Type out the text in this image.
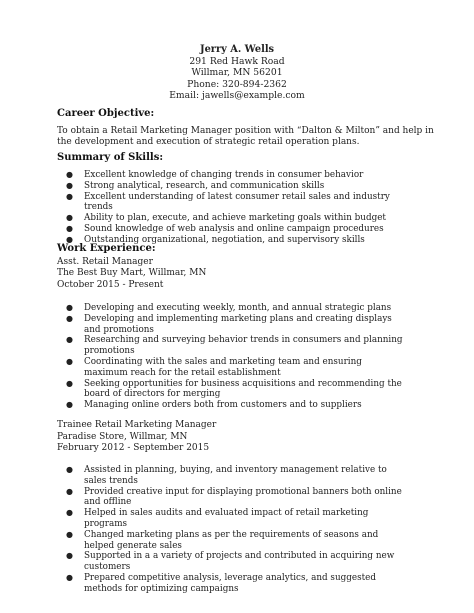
Jerry A. Wells
291 Red Hawk Road
Willmar, MN 56201
Phone: 320-894-2362
Email: jawells@example.com
Career Objective:
To obtain a Retail Marketing Manager position with “Dalton & Milton” and help in the development and execution of strategic retail operation plans.
Summary of Skills:
● Excellent knowledge of changing trends in consumer behavior
● Strong analytical, research, and communication skills
● Excellent understanding of latest consumer retail sales and industry trends
● Ability to plan, execute, and achieve marketing goals within budget
● Sound knowledge of web analysis and online campaign procedures
● Outstanding organizational, negotiation, and supervisory skills
Work Experience:
Asst. Retail Manager
The Best Buy Mart, Willmar, MN
October 2015 - Present
● Developing and executing weekly, month, and annual strategic plans
● Developing and implementing marketing plans and creating displays and promotions
● Researching and surveying behavior trends in consumers and planning promotions
● Coordinating with the sales and marketing team and ensuring maximum reach for the retail establishment
● Seeking opportunities for business acquisitions and recommending the board of directors for merging
● Managing online orders both from customers and to suppliers
Trainee Retail Marketing Manager
Paradise Store, Willmar, MN
February 2012 - September 2015
● Assisted in planning, buying, and inventory management relative to sales trends
● Provided creative input for displaying promotional banners both online and offline
● Helped in sales audits and evaluated impact of retail marketing programs
● Changed marketing plans as per the requirements of seasons and helped generate sales
● Supported in a a variety of projects and contributed in acquiring new customers
● Prepared competitive analysis, leverage analytics, and suggested methods for optimizing campaigns
